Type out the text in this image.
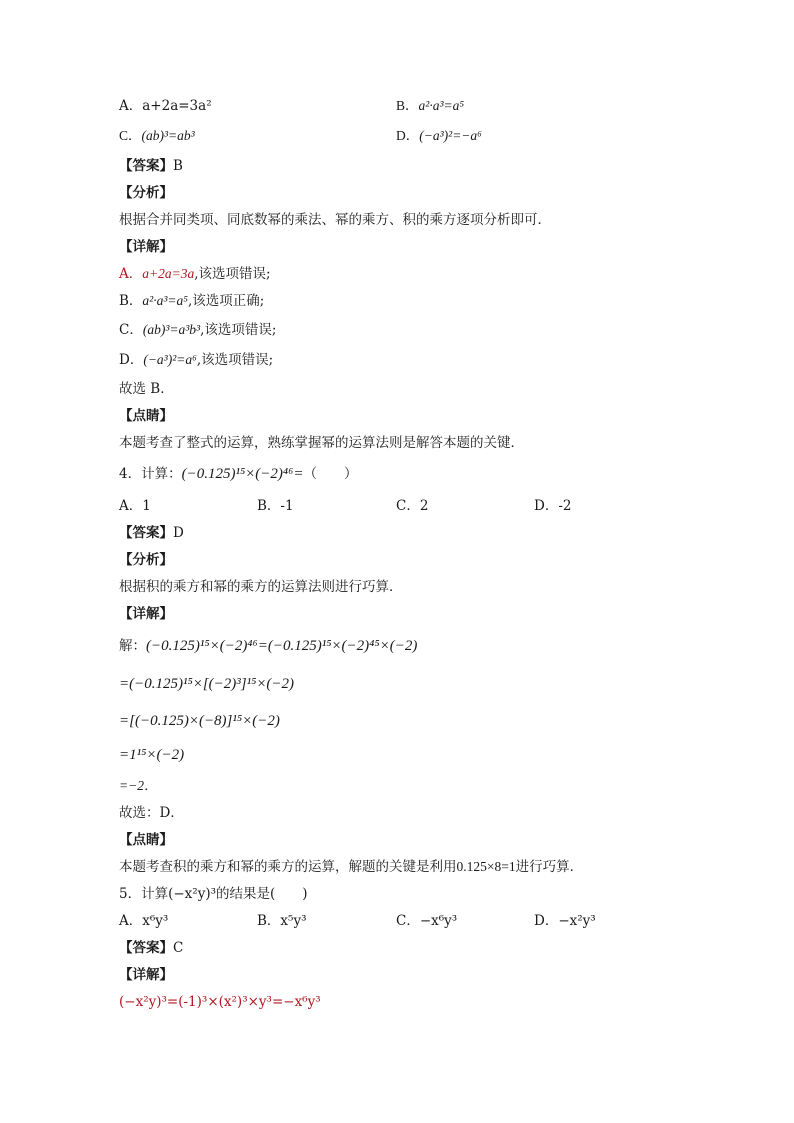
A．a+2a=3a²	B．a²·a³=a⁵
C．(ab)³=ab³	D．(−a³)²=−a⁶
【答案】B
【分析】
根据合并同类项、同底数幂的乘法、幂的乘方、积的乘方逐项分析即可．
【详解】
A．a+2a=3a,该选项错误;
B．a²·a³=a⁵,该选项正确;
C．(ab)³=a³b³,该选项错误;
D．(−a³)²=a⁶,该选项错误;
故选 B．
【点睛】
本题考查了整式的运算，熟练掌握幂的运算法则是解答本题的关键．
4．计算：(−0.125)¹⁵×(−2)⁴⁶=（　　）
A．1	B．-1	C．2	D．-2
【答案】D
【分析】
根据积的乘方和幂的乘方的运算法则进行巧算．
【详解】
解：(−0.125)¹⁵×(−2)⁴⁶=(−0.125)¹⁵×(−2)⁴⁵×(−2)
=(−0.125)¹⁵×[(−2)³]¹⁵×(−2)
=[(−0.125)×(−8)]¹⁵×(−2)
=1¹⁵×(−2)
=−2．
故选：D．
【点睛】
本题考查积的乘方和幂的乘方的运算，解题的关键是利用0.125×8=1进行巧算．
5．计算(−x²y)³的结果是(　　)
A．x⁶y³	B．x⁵y³	C．−x⁶y³	D．−x²y³
【答案】C
【详解】
(−x²y)³=(-1)³×(x²)³×y³=−x⁶y³
